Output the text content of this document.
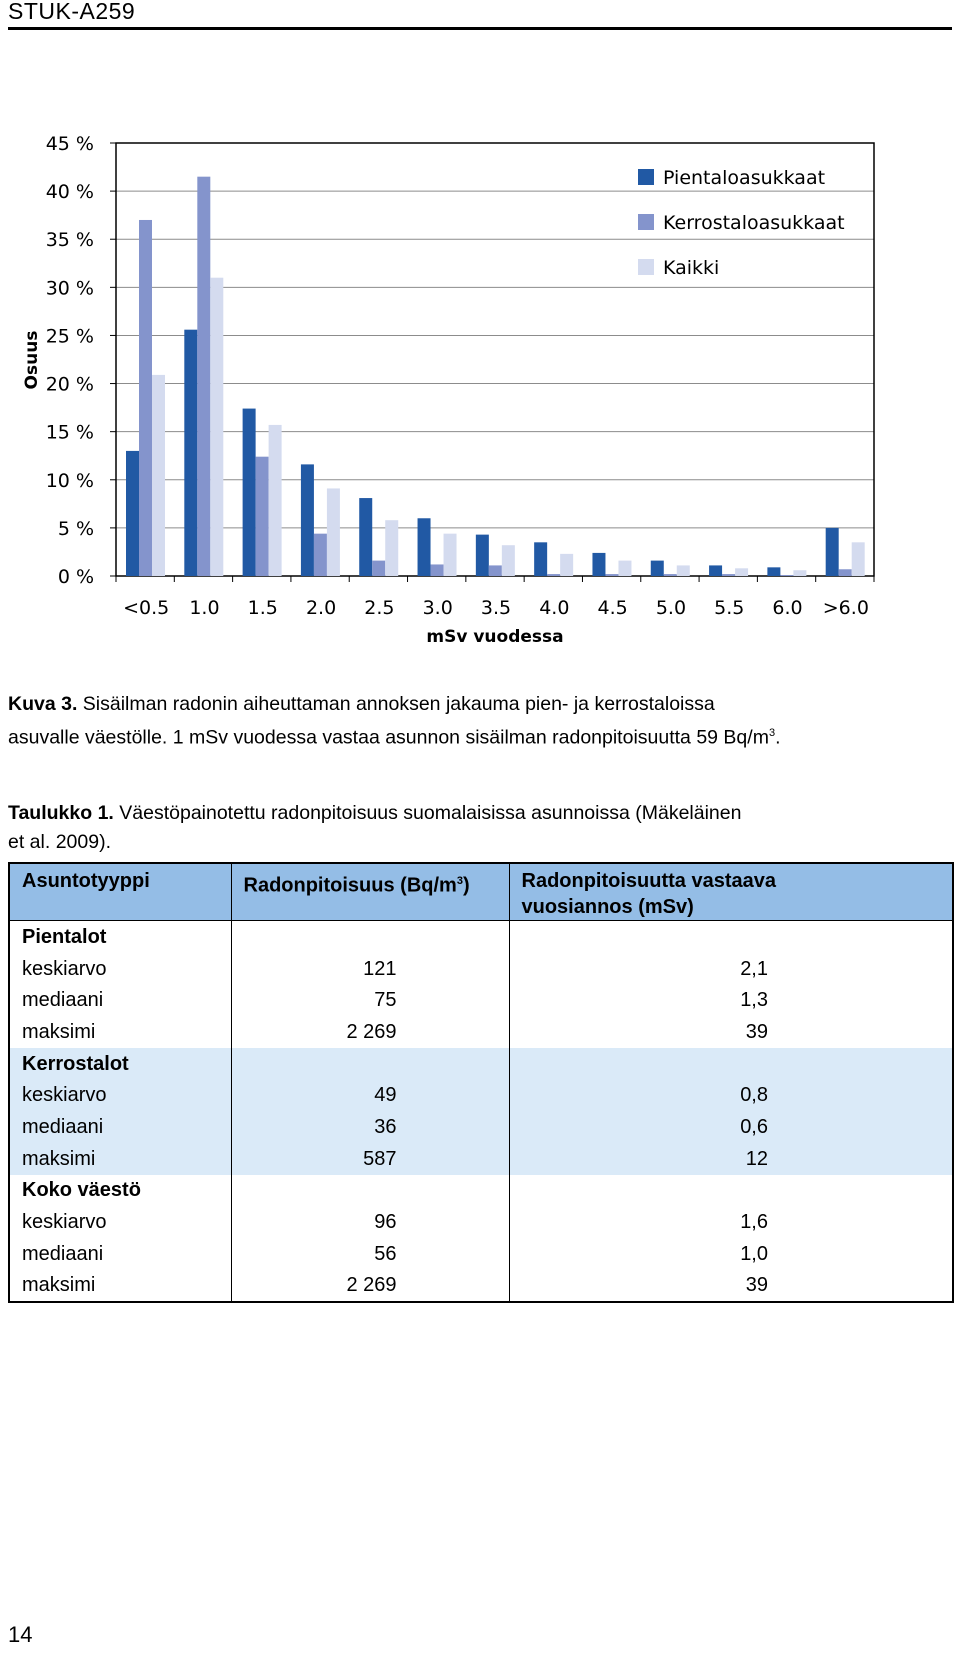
STUK-A259
0 %
5 %
10 %
15 %
20 %
25 %
30 %
35 %
40 %
45 %
<0.5 1.0 1.5 2.0 2.5 3.0 3.5 4.0 4.5 5.0 5.5 6.0 >6.0
mSv vuodessa
Osuus
Pientaloasukkaat
Kerrostaloasukkaat
Kaikki
Kuva 3. Sisäilman radonin aiheuttaman annoksen jakauma pien- ja kerrostaloissa
asuvalle väestölle. 1 mSv vuodessa vastaa asunnon sisäilman radonpitoisuutta 59 $Bq/m^3$.
Taulukko 1. Väestöpainotettu radonpitoisuus suomalaisissa asunnoissa (Mäkeläinen
et al. 2009).
Asuntotyyppi	Radonpitoisuus $(Bq/m^3)$	Radonpitoisuutta vastaava
vuosiannos (mSv)
Pientalot		
keskiarvo	121	2,1
mediaani	75	1,3
maksimi	2 269	39
Kerrostalot		
keskiarvo	49	0,8
mediaani	36	0,6
maksimi	587	12
Koko väestö		
keskiarvo	96	1,6
mediaani	56	1,0
maksimi	2 269	39
14
